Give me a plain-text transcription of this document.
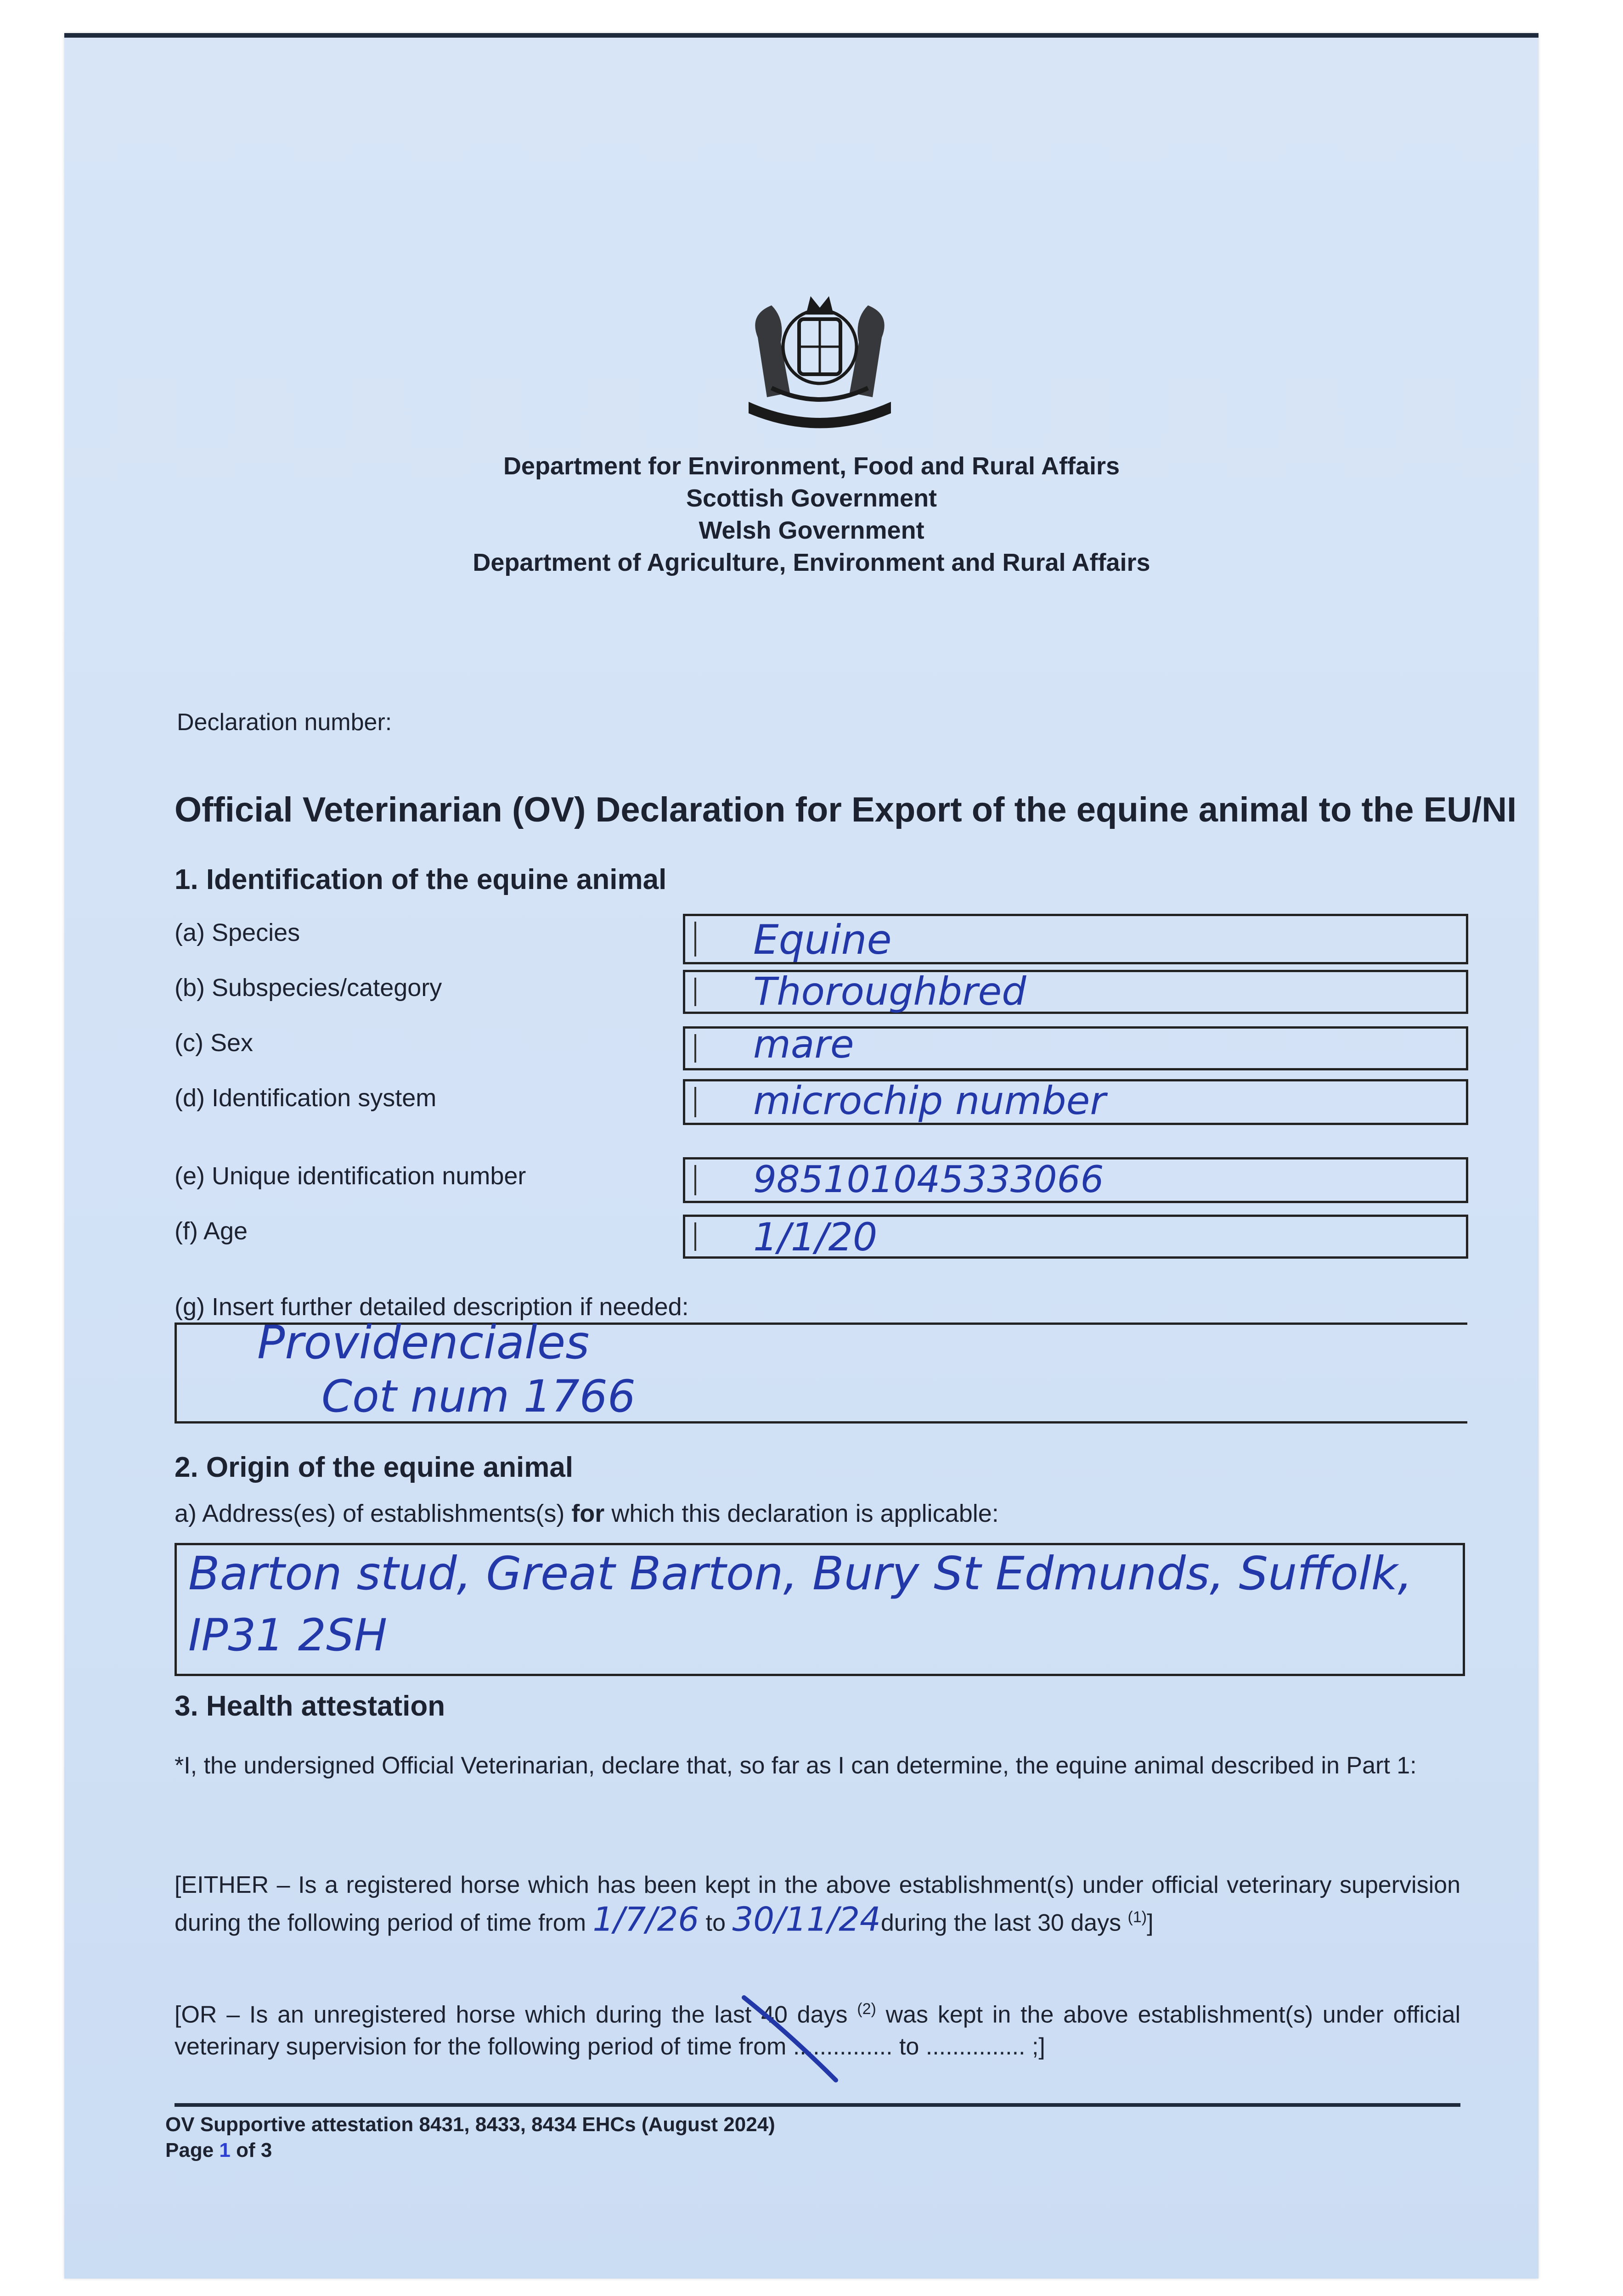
Department for Environment, Food and Rural Affairs
Scottish Government
Welsh Government
Department of Agriculture, Environment and Rural Affairs
Declaration number:
Official Veterinarian (OV) Declaration for Export of the equine animal to the EU/NI
1. Identification of the equine animal
(a) Species	Equine
(b) Subspecies/category	Thoroughbred
(c) Sex	mare
(d) Identification system	microchip number
(e) Unique identification number	985101045333066
(f) Age	1/1/20
(g) Insert further detailed description if needed:
Providenciales
Cot num 1766
2. Origin of the equine animal
a) Address(es) of establishments(s) for which this declaration is applicable:
Barton stud, Great Barton, Bury St Edmunds, Suffolk,
IP31 2SH
3. Health attestation
*I, the undersigned Official Veterinarian, declare that, so far as I can determine, the equine animal described in Part 1:
[EITHER – Is a registered horse which has been kept in the above establishment(s) under official veterinary supervision during the following period of time from 1/7/26 to 30/11/24during the last 30 days $^{(1)}$]
[OR – Is an unregistered horse which during the last 40 days $^{(2)}$ was kept in the above establishment(s) under official veterinary supervision for the following period of time from ............... to ............... ;]
OV Supportive attestation 8431, 8433, 8434 EHCs (August 2024)
Page 1 of 3
